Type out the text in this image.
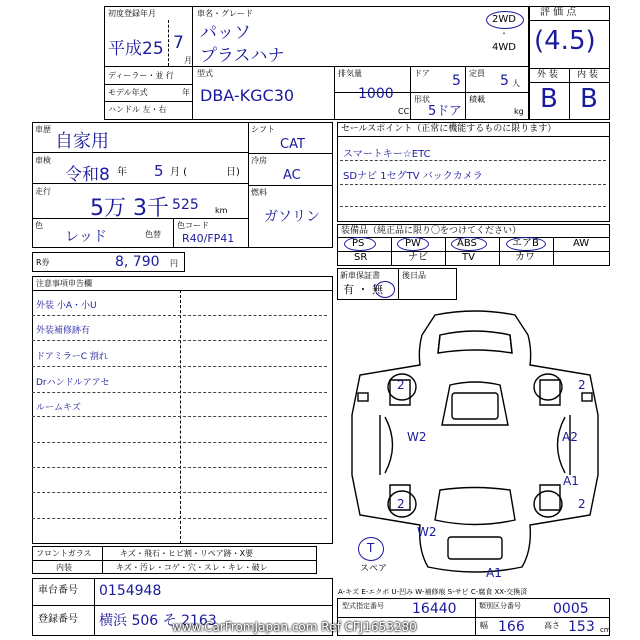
初度登録年月
平成25 7
月
車名・グレード
パッソ
プラスハナ
2WD
・
4WD
ディーラー・並 行
モデル年式	年
ハンドル 左・右
型式
DBA-KGC30
排気量
1000
CC
ドア 5 定員 5 人
形状
5ドア
積載
kg
評 価 点
(4.5)
外 装 内 装
B B
車歴
自家用
車検
令和8 年 5 月 (	日)
走行
5万 3千 525 km
色
レッド	色替
色コード
R40/FP41
シフト
CAT
冷房
AC
燃料
ガソリン
セールスポイント（正常に機能するものに限ります）
スマートキー☆ETC
SDナビ 1セグTV バックカメラ
装備品（純正品に限り〇をつけてください）
PS	PW	ABS	エアB	AW
SR	ナビ	TV	カワ
新車保証書
有 ・ 無
後日品
R券	8, 790 円
注意事項申告欄
外装 小A・小U
外装補修跡有
ドアミラーC 割れ
Drハンドルアアセ
ルームキズ
2	2
2	2
W2	A2
A1
W2
A1
T
スペア
A-キズ E-エクボ U-凹み W-補修痕 S-サビ C-腐食 XX-交換済
フロントガラス	キズ・飛石・ヒビ割・リペア跡・X要
内装	キズ・汚レ・コゲ・穴・スレ・キレ・破レ
車台番号 0154948
登録番号 横浜 506 そ 2163
型式指定番号 16440	類別区分番号 0005
幅 166 高さ 153 cm
www.CarFromJapan.com Ref CFJ1653280
